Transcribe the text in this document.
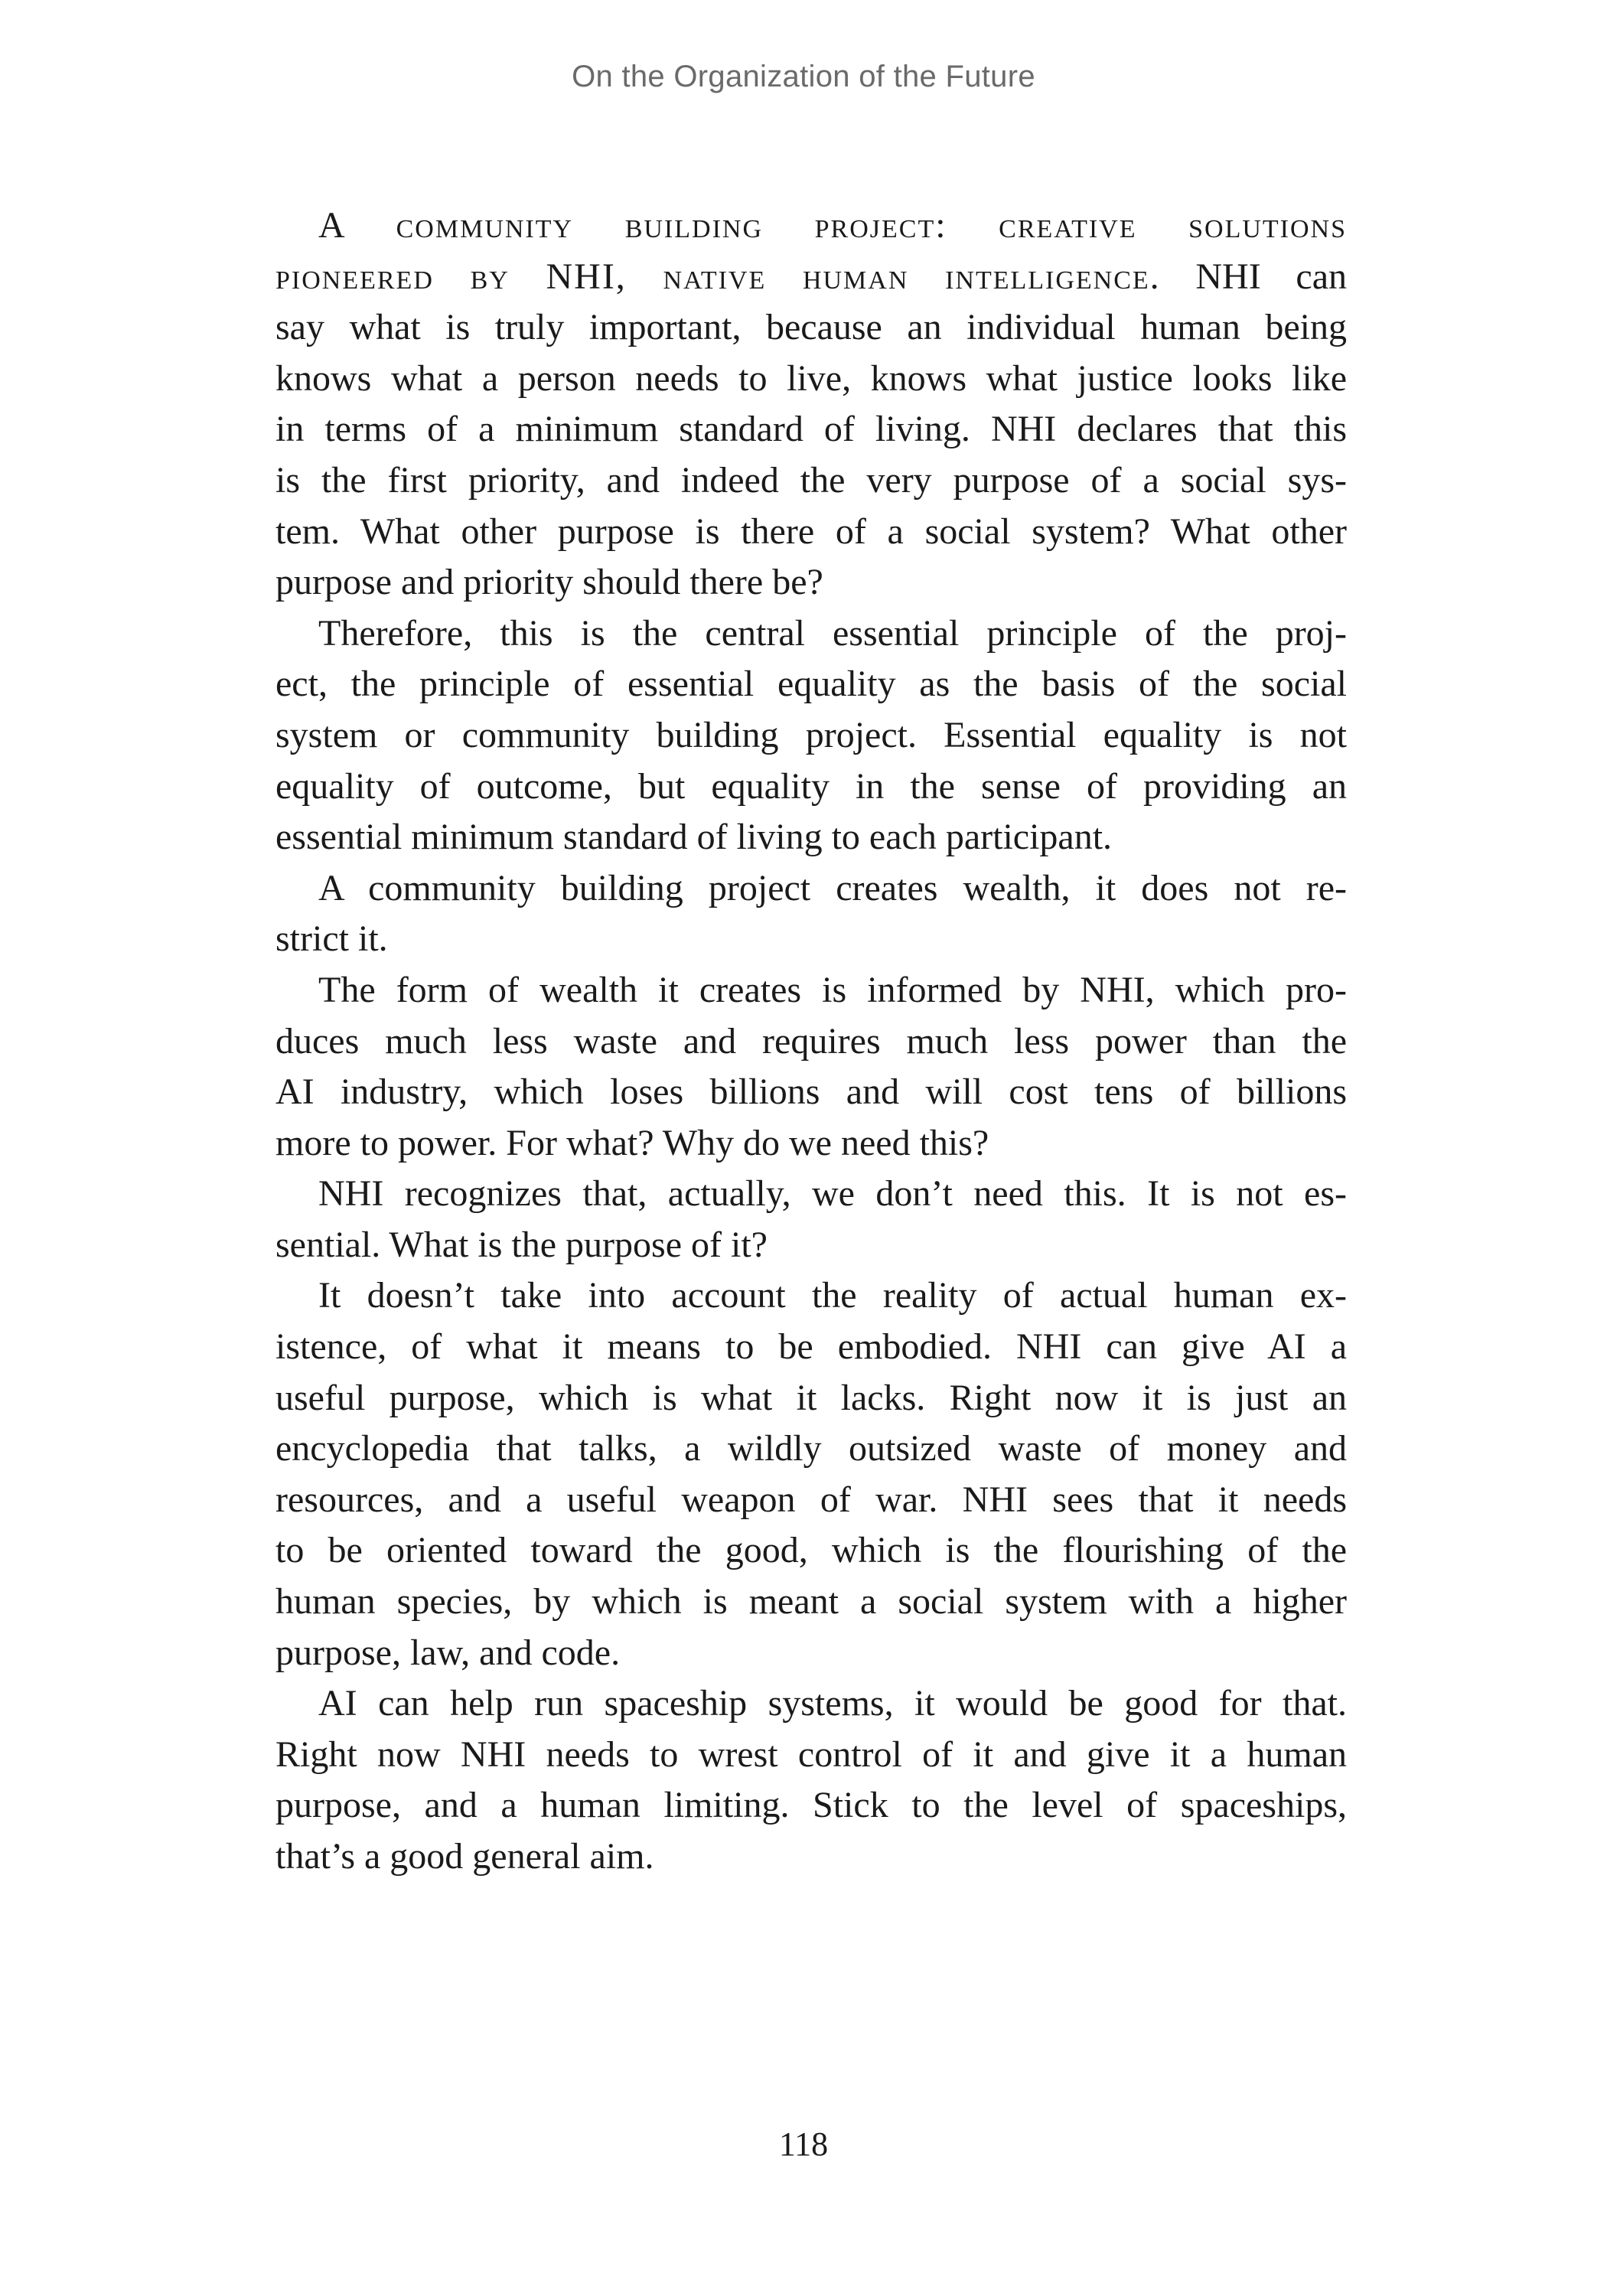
On the Organization of the Future
A community building project: creative solutions
pioneered by NHI, native human intelligence. NHI can
say what is truly important, because an individual human being
knows what a person needs to live, knows what justice looks like
in terms of a minimum standard of living. NHI declares that this
is the first priority, and indeed the very purpose of a social sys-
tem. What other purpose is there of a social system? What other
purpose and priority should there be?
Therefore, this is the central essential principle of the proj-
ect, the principle of essential equality as the basis of the social
system or community building project. Essential equality is not
equality of outcome, but equality in the sense of providing an
essential minimum standard of living to each participant.
A community building project creates wealth, it does not re-
strict it.
The form of wealth it creates is informed by NHI, which pro-
duces much less waste and requires much less power than the
AI industry, which loses billions and will cost tens of billions
more to power. For what? Why do we need this?
NHI recognizes that, actually, we don’t need this. It is not es-
sential. What is the purpose of it?
It doesn’t take into account the reality of actual human ex-
istence, of what it means to be embodied. NHI can give AI a
useful purpose, which is what it lacks. Right now it is just an
encyclopedia that talks, a wildly outsized waste of money and
resources, and a useful weapon of war. NHI sees that it needs
to be oriented toward the good, which is the flourishing of the
human species, by which is meant a social system with a higher
purpose, law, and code.
AI can help run spaceship systems, it would be good for that.
Right now NHI needs to wrest control of it and give it a human
purpose, and a human limiting. Stick to the level of spaceships,
that’s a good general aim.
118
